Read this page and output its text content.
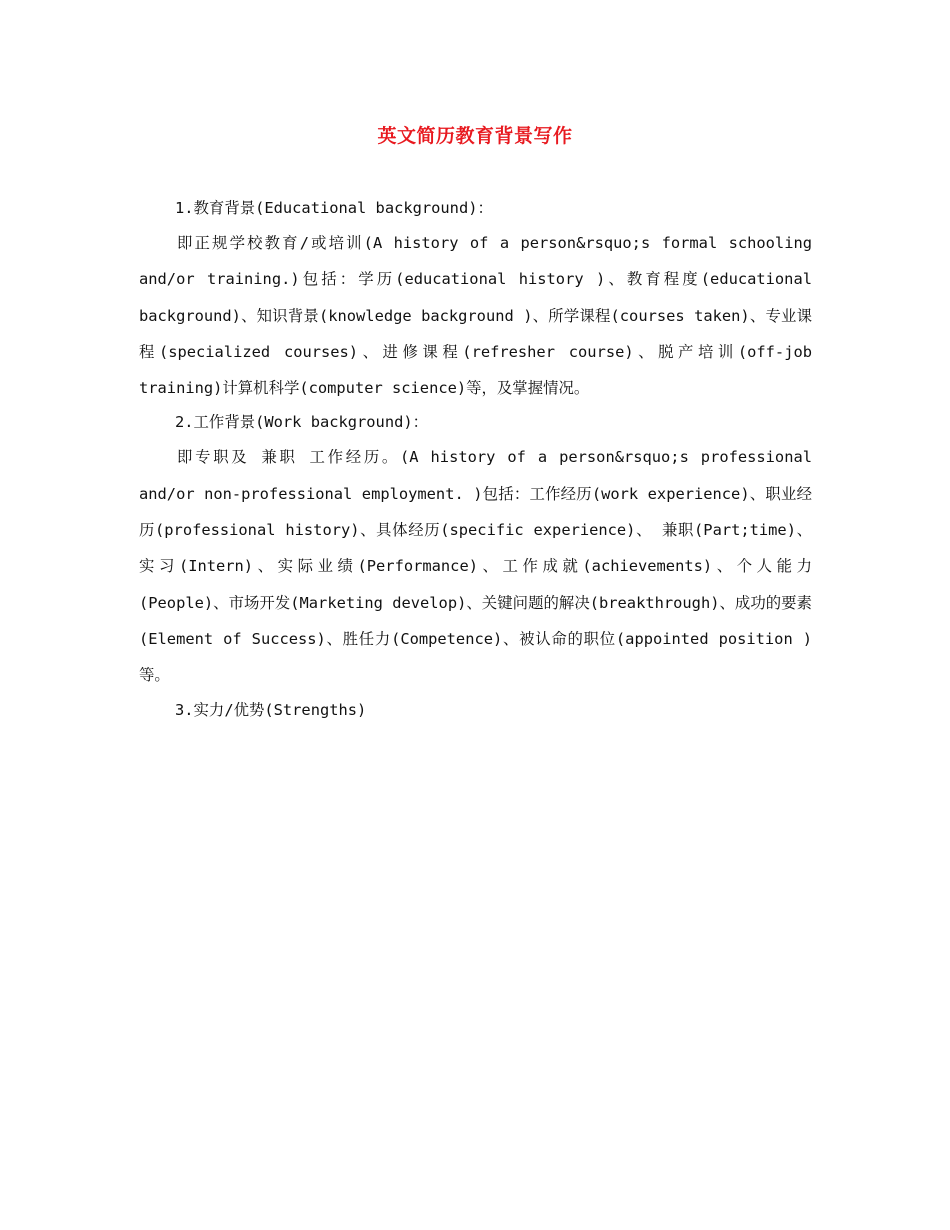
英文简历教育背景写作

1.教育背景(Educational background)：

即正规学校教育/或培训(A history of a person&rsquo;s formal schooling and/or training.)包括：学历(educational history )、教育程度(educational background)、知识背景(knowledge background )、所学课程(courses taken)、专业课程(specialized courses)、进修课程(refresher course)、脱产培训(off-job training)计算机科学(computer science)等，及掌握情况。

2.工作背景(Work background)：

即专职及 兼职 工作经历。(A history of a person&rsquo;s professional and/or non-professional employment. )包括：工作经历(work experience)、职业经历(professional history)、具体经历(specific experience)、 兼职(Part;time)、实习(Intern)、实际业绩(Performance)、工作成就(achievements)、个人能力(People)、市场开发(Marketing develop)、关键问题的解决(breakthrough)、成功的要素(Element of Success)、胜任力(Competence)、被认命的职位(appointed position )等。

3.实力/优势(Strengths)
